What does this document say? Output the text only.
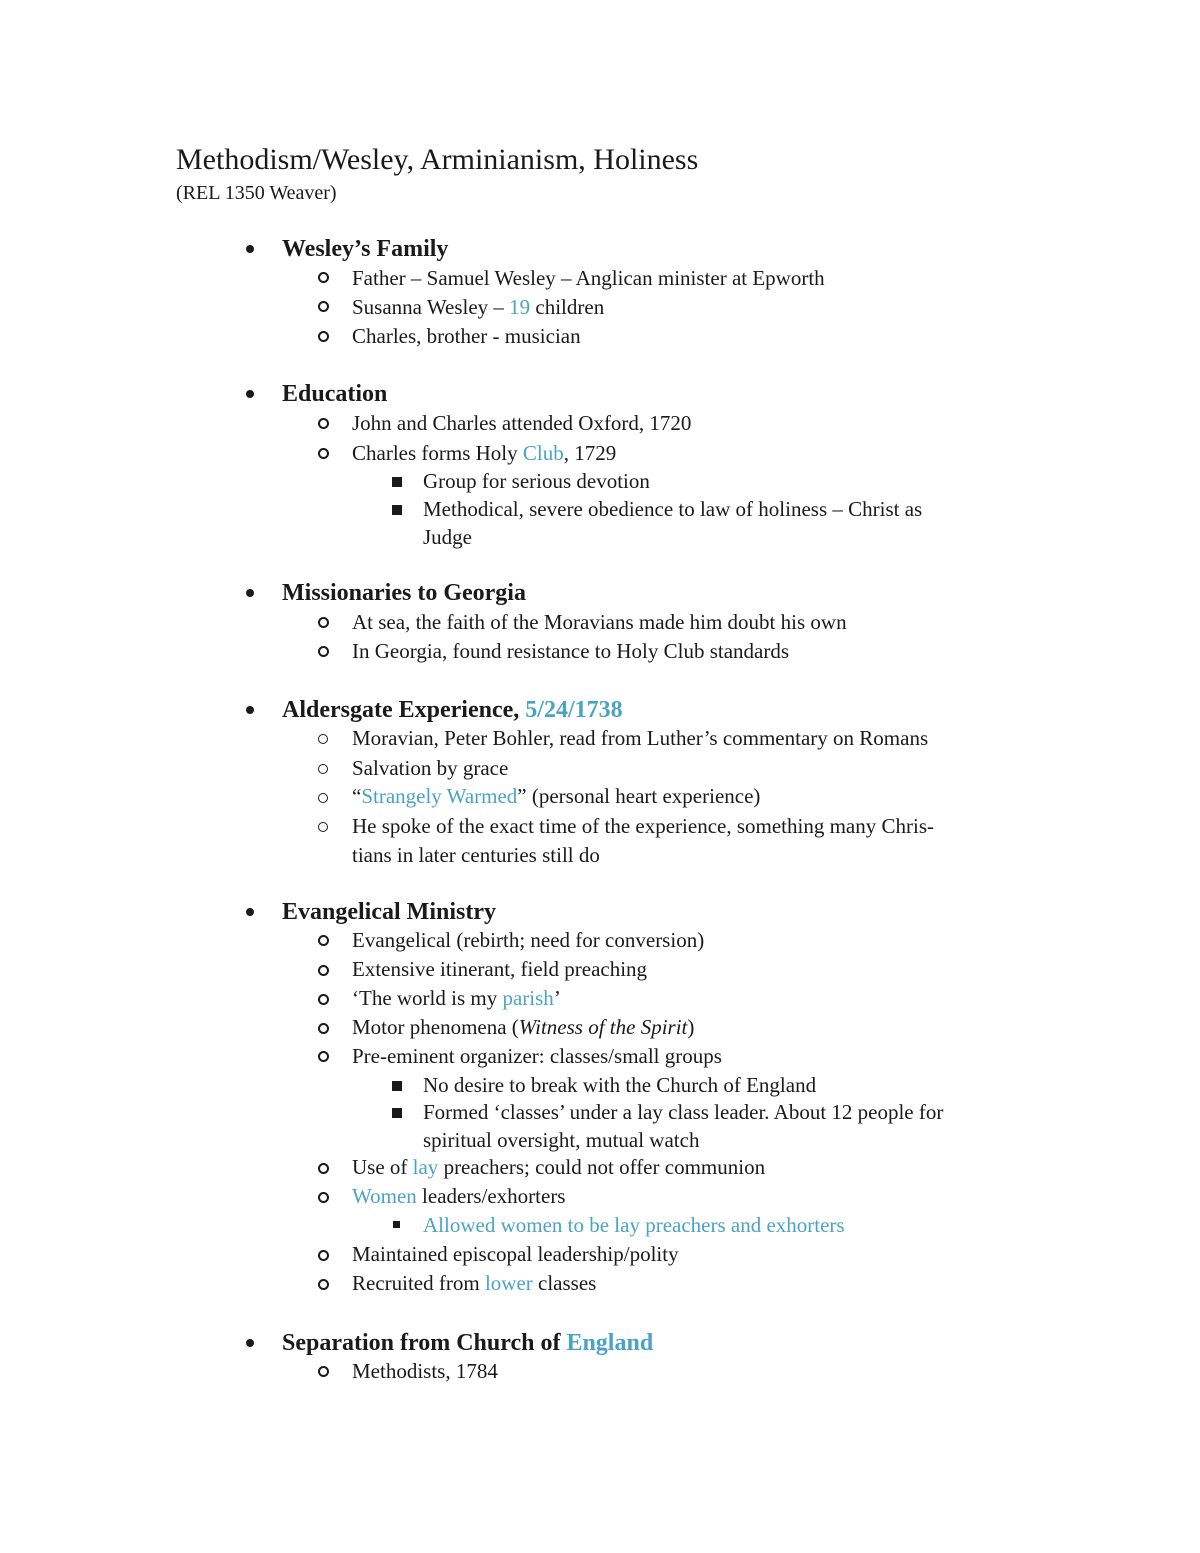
Methodism/Wesley, Arminianism, Holiness
(REL 1350 Weaver)
Wesley’s Family
Father – Samuel Wesley – Anglican minister at Epworth
Susanna Wesley – 19 children
Charles, brother - musician
Education
John and Charles attended Oxford, 1720
Charles forms Holy Club, 1729
Group for serious devotion
Methodical, severe obedience to law of holiness – Christ as
Judge
Missionaries to Georgia
At sea, the faith of the Moravians made him doubt his own
In Georgia, found resistance to Holy Club standards
Aldersgate Experience, 5/24/1738
Moravian, Peter Bohler, read from Luther’s commentary on Romans
Salvation by grace
“Strangely Warmed” (personal heart experience)
He spoke of the exact time of the experience, something many Chris-
tians in later centuries still do
Evangelical Ministry
Evangelical (rebirth; need for conversion)
Extensive itinerant, field preaching
‘The world is my parish’
Motor phenomena (Witness of the Spirit)
Pre-eminent organizer: classes/small groups
No desire to break with the Church of England
Formed ‘classes’ under a lay class leader. About 12 people for
spiritual oversight, mutual watch
Use of lay preachers; could not offer communion
Women leaders/exhorters
Allowed women to be lay preachers and exhorters
Maintained episcopal leadership/polity
Recruited from lower classes
Separation from Church of England
Methodists, 1784
